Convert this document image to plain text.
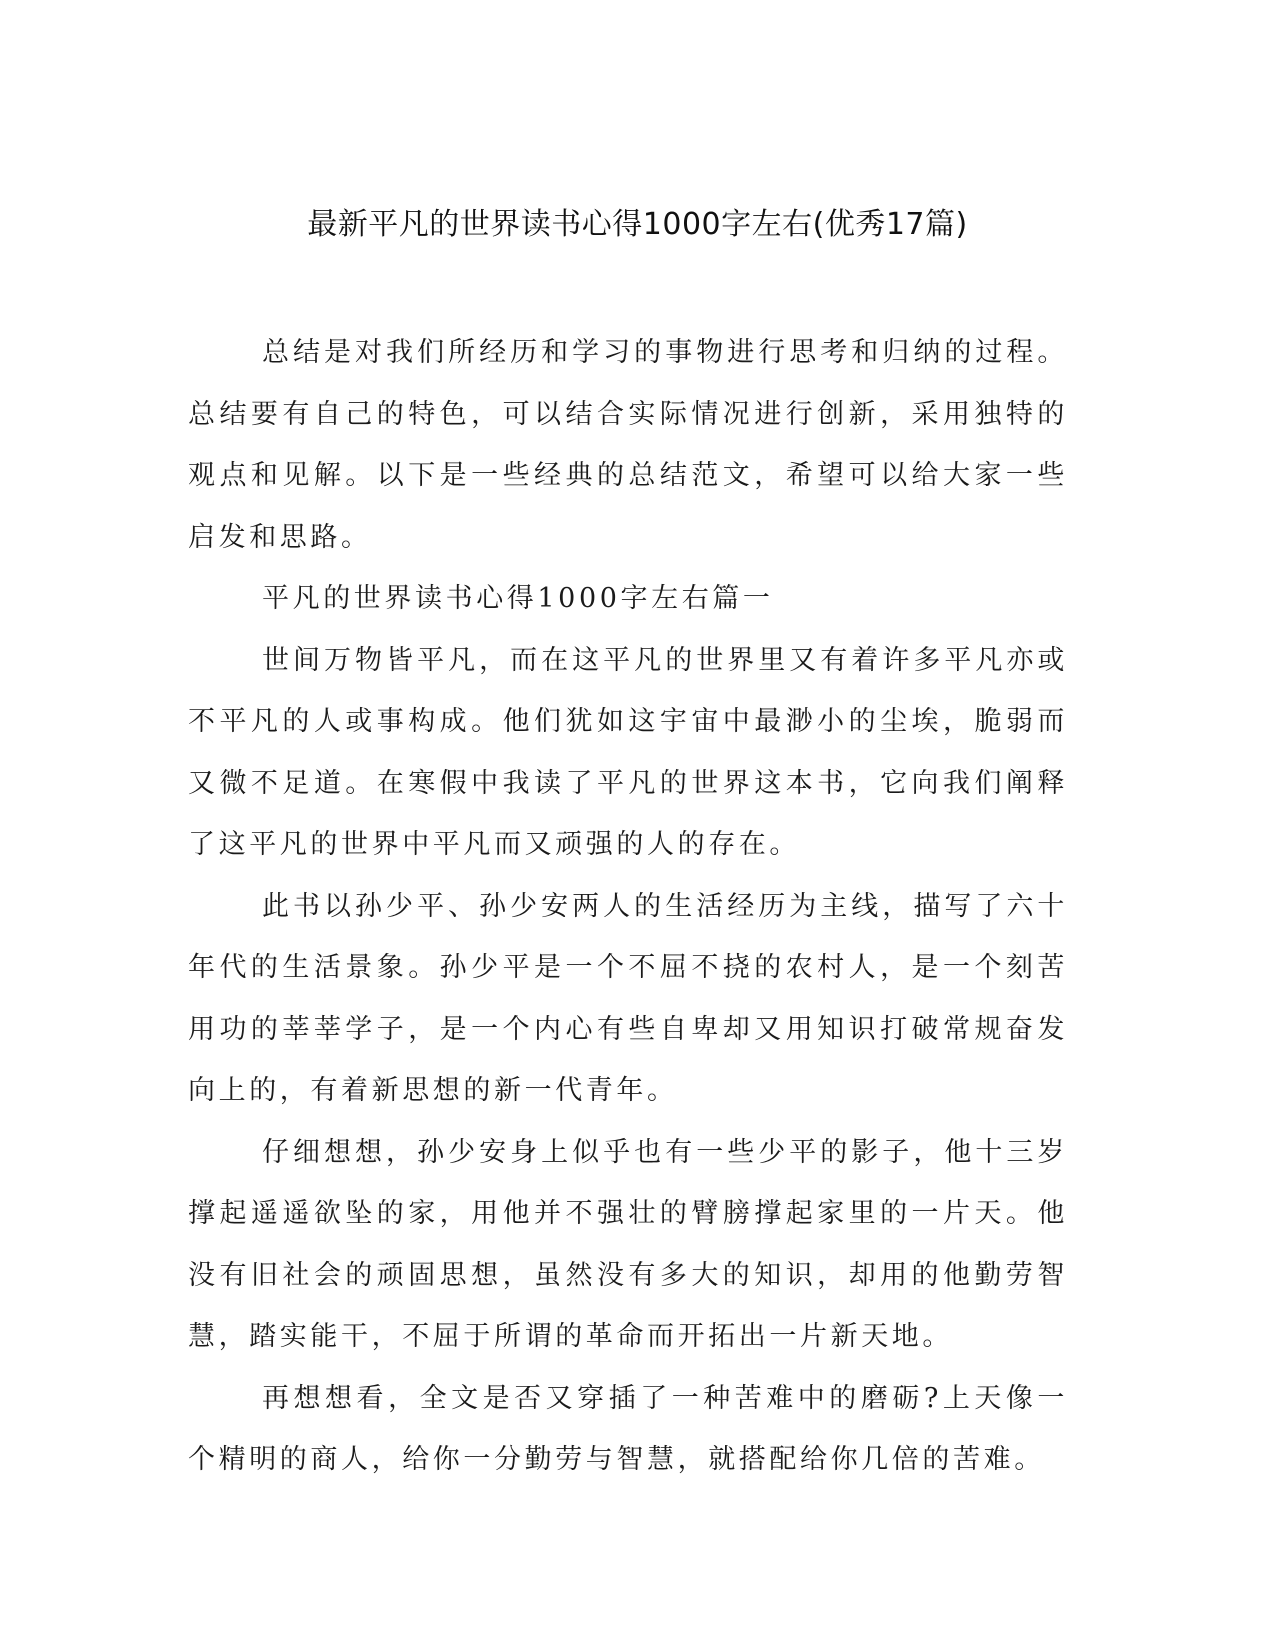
最新平凡的世界读书心得1000字左右(优秀17篇)

总结是对我们所经历和学习的事物进行思考和归纳的过程。总结要有自己的特色，可以结合实际情况进行创新，采用独特的观点和见解。以下是一些经典的总结范文，希望可以给大家一些启发和思路。

平凡的世界读书心得1000字左右篇一

世间万物皆平凡，而在这平凡的世界里又有着许多平凡亦或不平凡的人或事构成。他们犹如这宇宙中最渺小的尘埃，脆弱而又微不足道。在寒假中我读了平凡的世界这本书，它向我们阐释了这平凡的世界中平凡而又顽强的人的存在。

此书以孙少平、孙少安两人的生活经历为主线，描写了六十年代的生活景象。孙少平是一个不屈不挠的农村人，是一个刻苦用功的莘莘学子，是一个内心有些自卑却又用知识打破常规奋发向上的，有着新思想的新一代青年。

仔细想想，孙少安身上似乎也有一些少平的影子，他十三岁撑起遥遥欲坠的家，用他并不强壮的臂膀撑起家里的一片天。他没有旧社会的顽固思想，虽然没有多大的知识，却用的他勤劳智慧，踏实能干，不屈于所谓的革命而开拓出一片新天地。

再想想看，全文是否又穿插了一种苦难中的磨砺?上天像一个精明的商人，给你一分勤劳与智慧，就搭配给你几倍的苦难。
